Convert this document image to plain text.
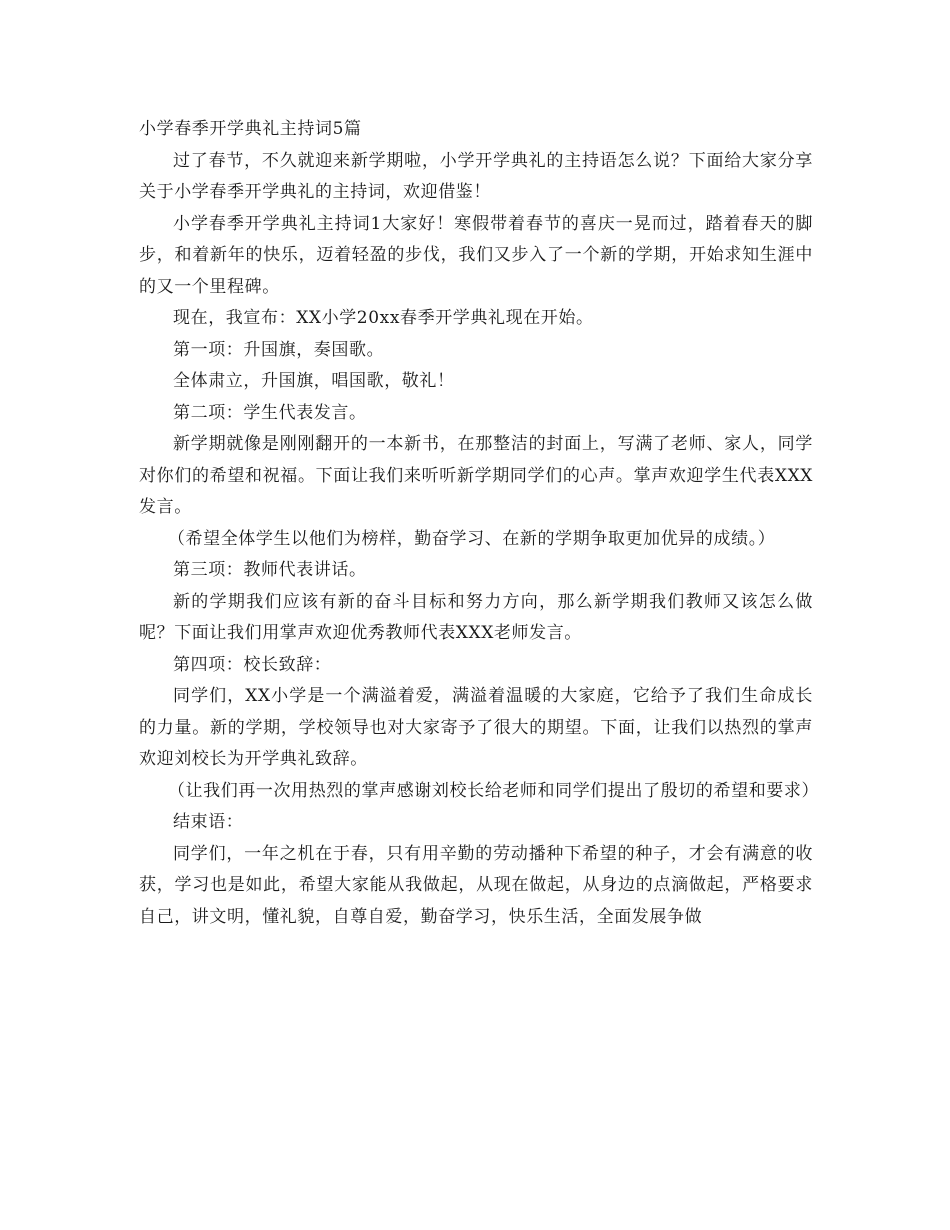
小学春季开学典礼主持词5篇

过了春节，不久就迎来新学期啦，小学开学典礼的主持语怎么说？下面给大家分享关于小学春季开学典礼的主持词，欢迎借鉴！

小学春季开学典礼主持词1大家好！寒假带着春节的喜庆一晃而过，踏着春天的脚步，和着新年的快乐，迈着轻盈的步伐，我们又步入了一个新的学期，开始求知生涯中的又一个里程碑。

现在，我宣布：XX小学20xx春季开学典礼现在开始。

第一项：升国旗，奏国歌。

全体肃立，升国旗，唱国歌，敬礼！

第二项：学生代表发言。

新学期就像是刚刚翻开的一本新书，在那整洁的封面上，写满了老师、家人，同学对你们的希望和祝福。下面让我们来听听新学期同学们的心声。掌声欢迎学生代表XXX发言。

（希望全体学生以他们为榜样，勤奋学习、在新的学期争取更加优异的成绩。）

第三项：教师代表讲话。

新的学期我们应该有新的奋斗目标和努力方向，那么新学期我们教师又该怎么做呢？下面让我们用掌声欢迎优秀教师代表XXX老师发言。

第四项：校长致辞：

同学们，XX小学是一个满溢着爱，满溢着温暖的大家庭，它给予了我们生命成长的力量。新的学期，学校领导也对大家寄予了很大的期望。下面，让我们以热烈的掌声欢迎刘校长为开学典礼致辞。

（让我们再一次用热烈的掌声感谢刘校长给老师和同学们提出了殷切的希望和要求）

结束语：

同学们，一年之机在于春，只有用辛勤的劳动播种下希望的种子，才会有满意的收获，学习也是如此，希望大家能从我做起，从现在做起，从身边的点滴做起，严格要求自己，讲文明，懂礼貌，自尊自爱，勤奋学习，快乐生活，全面发展争做
